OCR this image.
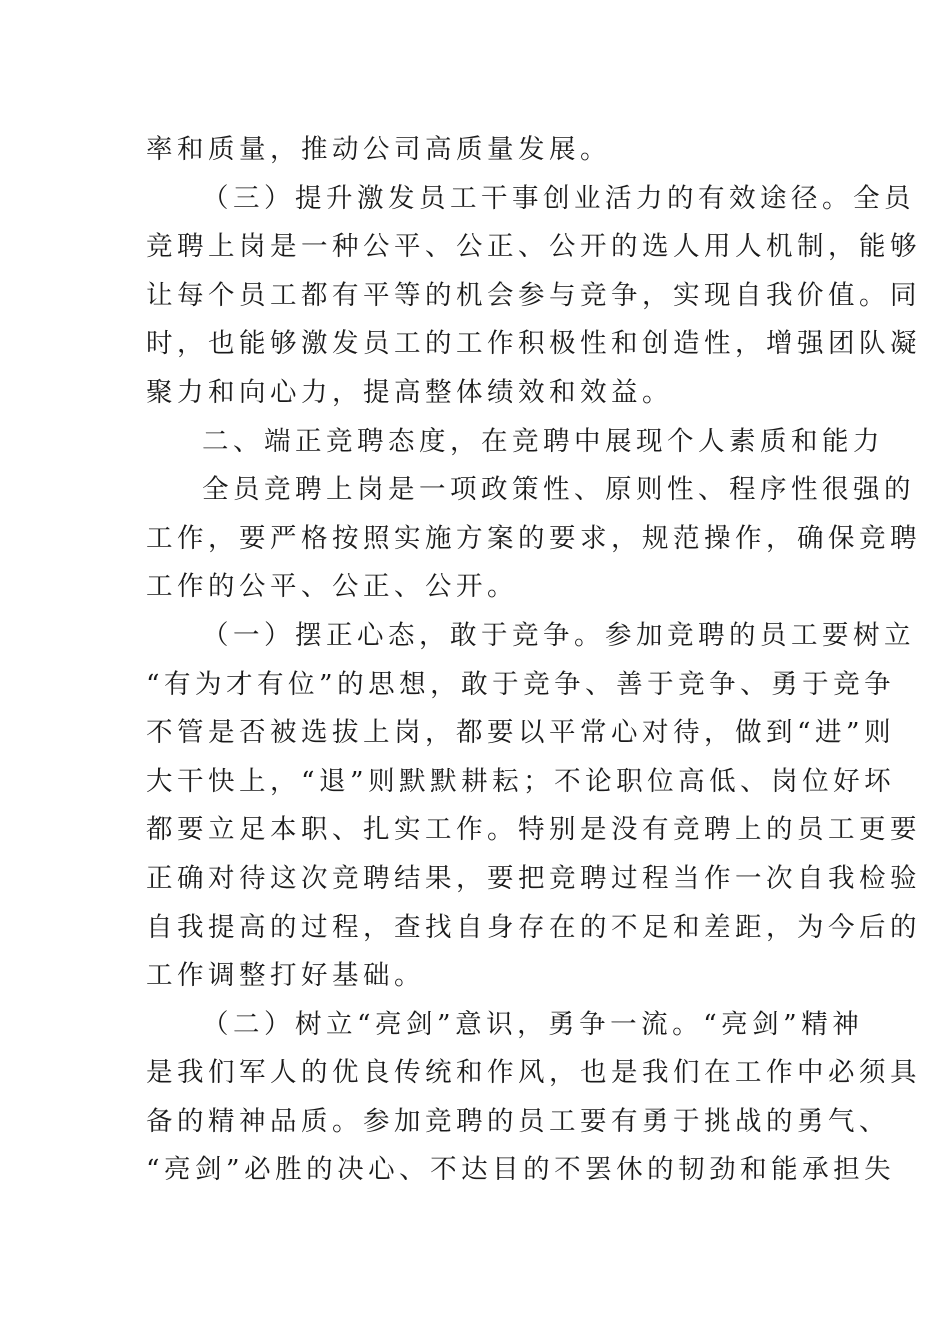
率和质量，推动公司高质量发展。
（三）提升激发员工干事创业活力的有效途径。全员
竞聘上岗是一种公平、公正、公开的选人用人机制，能够
让每个员工都有平等的机会参与竞争，实现自我价值。同
时，也能够激发员工的工作积极性和创造性，增强团队凝
聚力和向心力，提高整体绩效和效益。
二、端正竞聘态度，在竞聘中展现个人素质和能力
全员竞聘上岗是一项政策性、原则性、程序性很强的
工作，要严格按照实施方案的要求，规范操作，确保竞聘
工作的公平、公正、公开。
（一）摆正心态，敢于竞争。参加竞聘的员工要树立
“有为才有位”的思想，敢于竞争、善于竞争、勇于竞争
不管是否被选拔上岗，都要以平常心对待，做到“进”则
大干快上，“退”则默默耕耘；不论职位高低、岗位好坏
都要立足本职、扎实工作。特别是没有竞聘上的员工更要
正确对待这次竞聘结果，要把竞聘过程当作一次自我检验
自我提高的过程，查找自身存在的不足和差距，为今后的
工作调整打好基础。
（二）树立“亮剑”意识，勇争一流。“亮剑”精神
是我们军人的优良传统和作风，也是我们在工作中必须具
备的精神品质。参加竞聘的员工要有勇于挑战的勇气、
“亮剑”必胜的决心、不达目的不罢休的韧劲和能承担失
